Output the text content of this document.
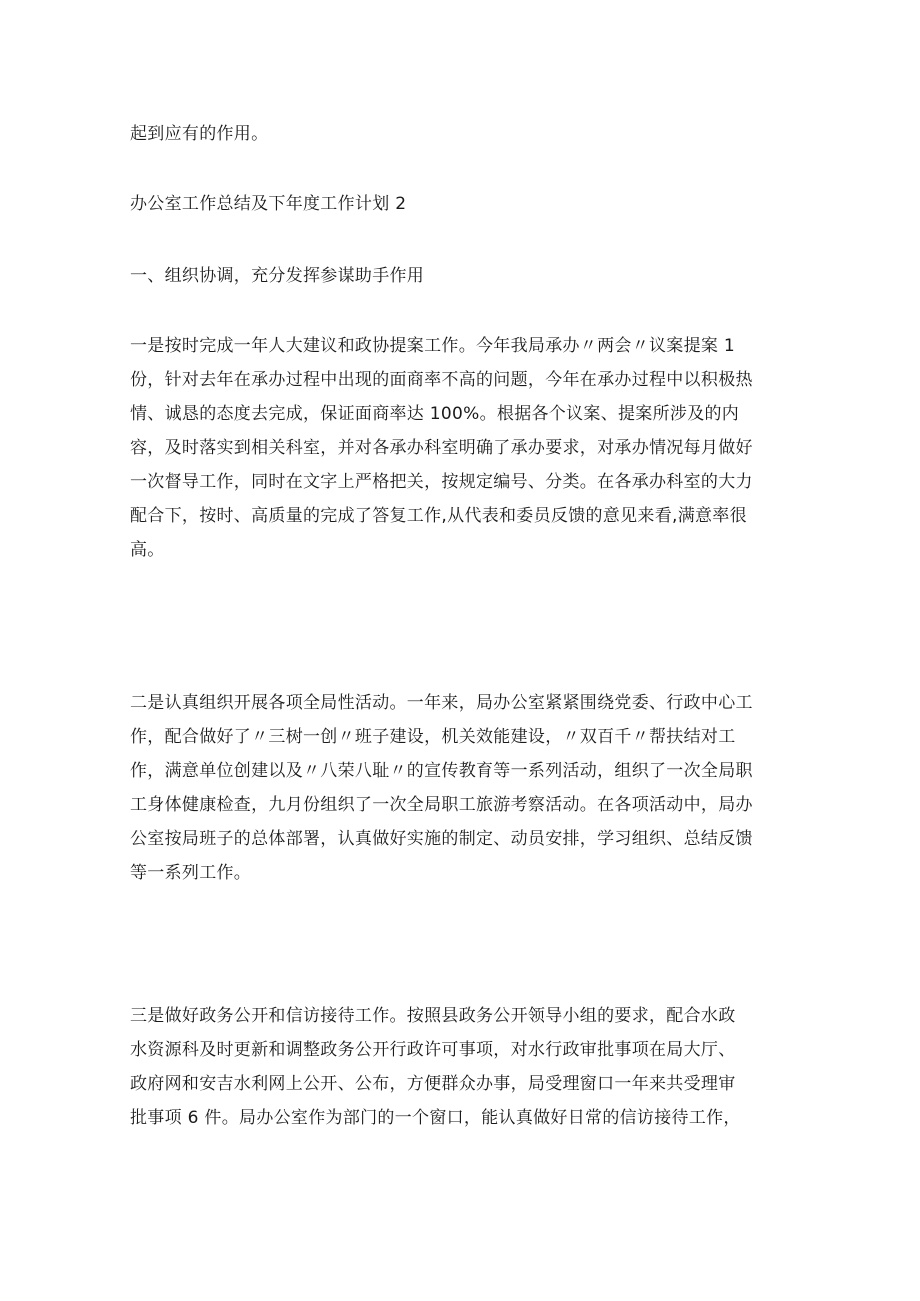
起到应有的作用。
办公室工作总结及下年度工作计划 2
一、组织协调，充分发挥参谋助手作用
一是按时完成一年人大建议和政协提案工作。今年我局承办〃两会〃议案提案 1
份，针对去年在承办过程中出现的面商率不高的问题，今年在承办过程中以积极热
情、诚恳的态度去完成，保证面商率达 100%。根据各个议案、提案所涉及的内
容，及时落实到相关科室，并对各承办科室明确了承办要求，对承办情况每月做好
一次督导工作，同时在文字上严格把关，按规定编号、分类。在各承办科室的大力
配合下，按时、高质量的完成了答复工作,从代表和委员反馈的意见来看,满意率很
高。
二是认真组织开展各项全局性活动。一年来，局办公室紧紧围绕党委、行政中心工
作，配合做好了〃三树一创〃班子建设，机关效能建设，〃双百千〃帮扶结对工
作，满意单位创建以及〃八荣八耻〃的宣传教育等一系列活动，组织了一次全局职
工身体健康检查，九月份组织了一次全局职工旅游考察活动。在各项活动中，局办
公室按局班子的总体部署，认真做好实施的制定、动员安排，学习组织、总结反馈
等一系列工作。
三是做好政务公开和信访接待工作。按照县政务公开领导小组的要求，配合水政
水资源科及时更新和调整政务公开行政许可事项，对水行政审批事项在局大厅、
政府网和安吉水利网上公开、公布，方便群众办事，局受理窗口一年来共受理审
批事项 6 件。局办公室作为部门的一个窗口，能认真做好日常的信访接待工作，
